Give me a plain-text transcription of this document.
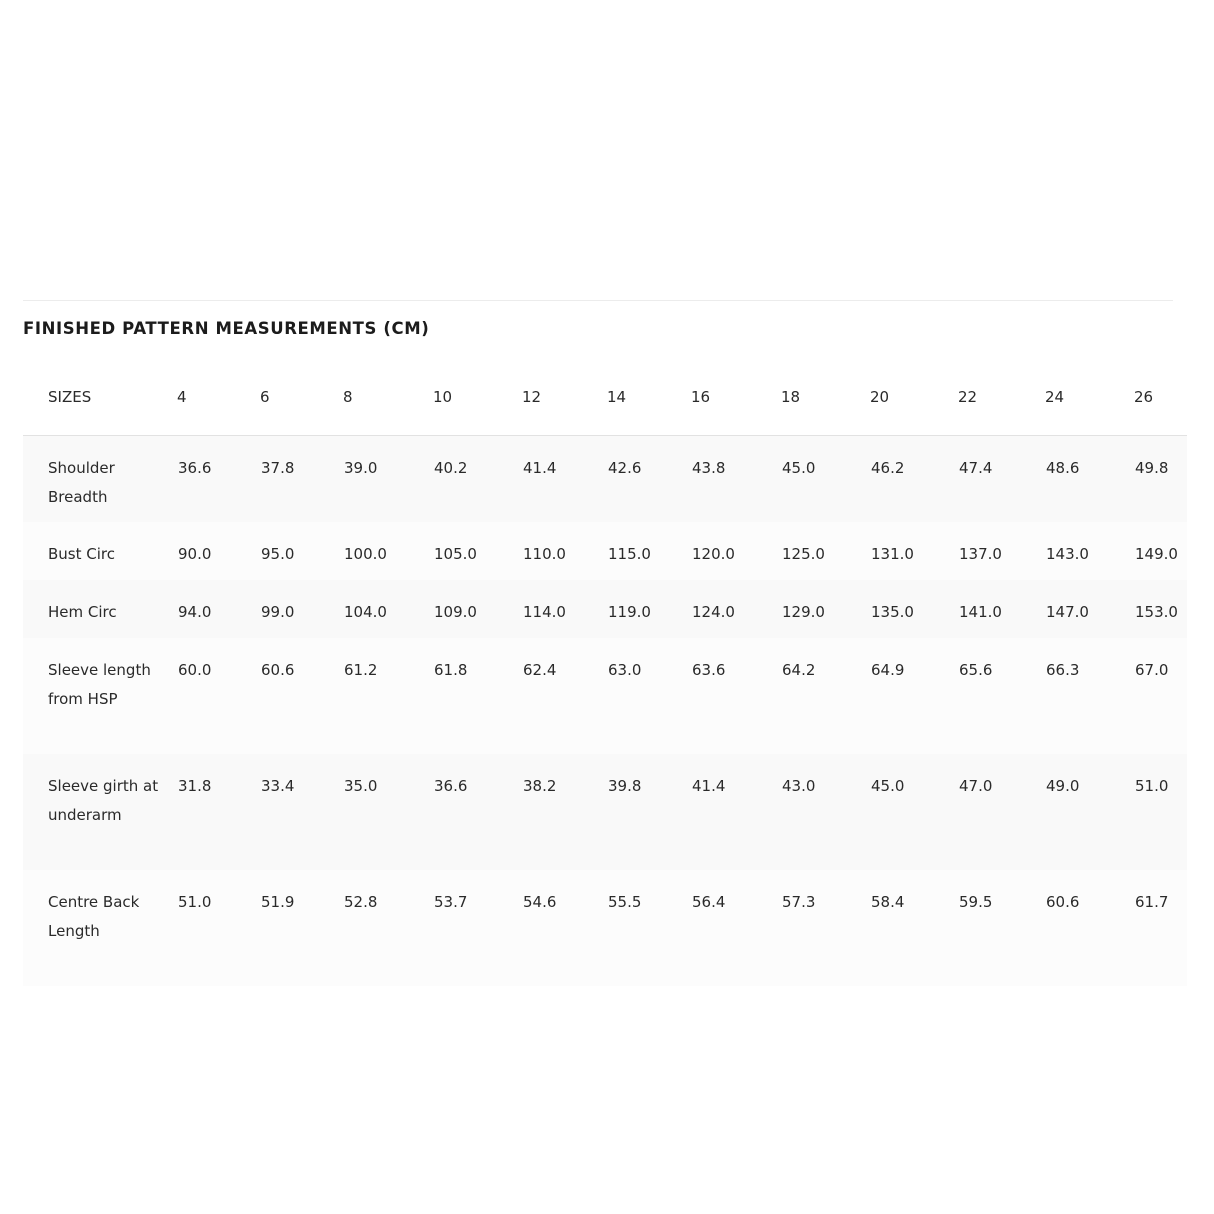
FINISHED PATTERN MEASUREMENTS (CM)
SIZES	4	6	8	10	12	14	16	18	20	22	24	26
Shoulder Breadth	36.6	37.8	39.0	40.2	41.4	42.6	43.8	45.0	46.2	47.4	48.6	49.8
Bust Circ	90.0	95.0	100.0	105.0	110.0	115.0	120.0	125.0	131.0	137.0	143.0	149.0
Hem Circ	94.0	99.0	104.0	109.0	114.0	119.0	124.0	129.0	135.0	141.0	147.0	153.0
Sleeve length from HSP	60.0	60.6	61.2	61.8	62.4	63.0	63.6	64.2	64.9	65.6	66.3	67.0
Sleeve girth at underarm	31.8	33.4	35.0	36.6	38.2	39.8	41.4	43.0	45.0	47.0	49.0	51.0
Centre Back Length	51.0	51.9	52.8	53.7	54.6	55.5	56.4	57.3	58.4	59.5	60.6	61.7
